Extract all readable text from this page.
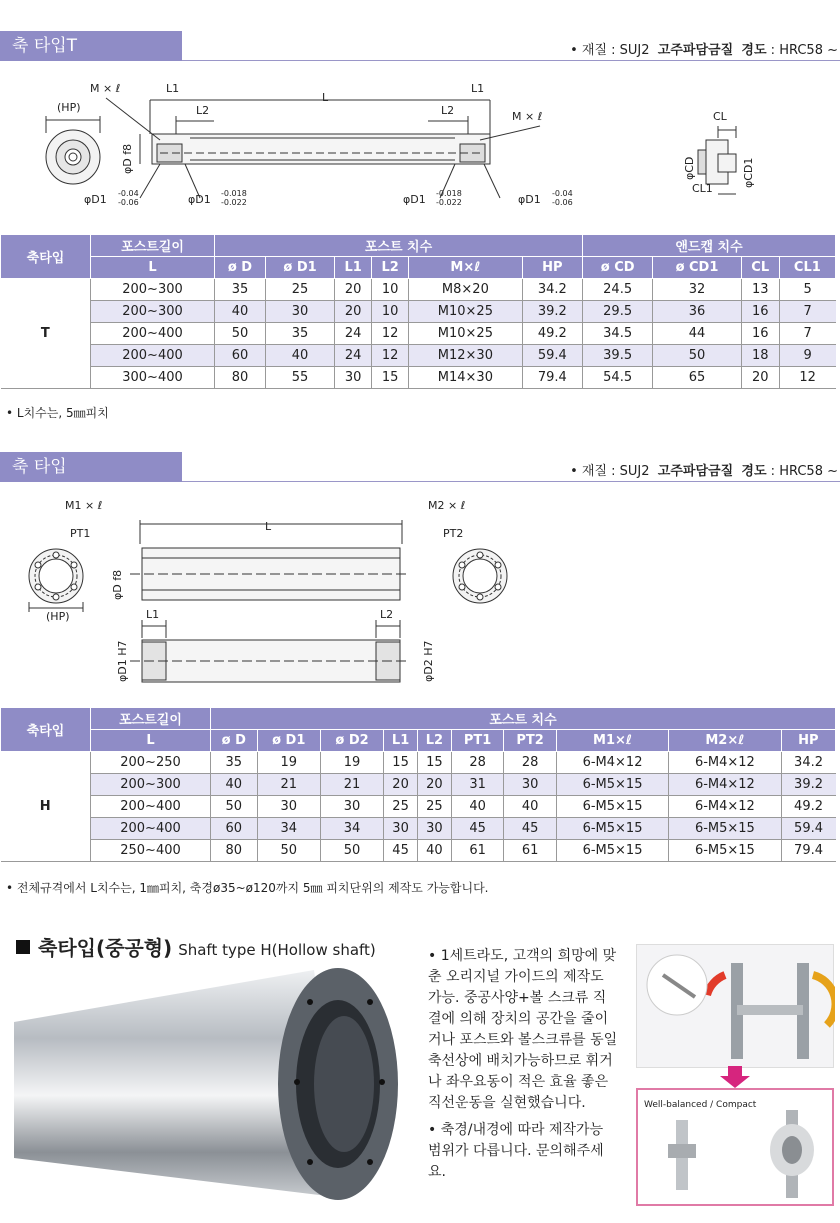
축 타입T	• 재질 : SUJ2 고주파담금질 경도 : HRC58 ~
(HP)
M × ℓ	L1
L2
L
L1
L2	M × ℓ
φD f8
φD1 -0.04
-0.06	φD1 -0.018
-0.022	φD1 -0.018
-0.022	φD1 -0.04
-0.06
CL
CL1
φCD	φCD1
축타입	포스트길이	포스트 치수						앤드캡 치수			
	L	ø D	ø D1	L1	L2	M×ℓ	HP	ø CD	ø CD1	CL	CL1
T	200~300	35	25	20	10	M8×20	34.2	24.5	32	13	5
	200~300	40	30	20	10	M10×25	39.2	29.5	36	16	7
	200~400	50	35	24	12	M10×25	49.2	34.5	44	16	7
	200~400	60	40	24	12	M12×30	59.4	39.5	50	18	9
	300~400	80	55	30	15	M14×30	79.4	54.5	65	20	12
• L치수는, 5㎜피치
축 타입	• 재질 : SUJ2 고주파담금질 경도 : HRC58 ~
M1 × ℓ
PT1
(HP)
L
M2 × ℓ
PT2
φD f8
L1	L2
φD1 H7	φD2 H7
축타입	포스트길이	포스트 치수									
	L	ø D	ø D1	ø D2	L1	L2	PT1	PT2	M1×ℓ	M2×ℓ	HP
H	200~250	35	19	19	15	15	28	28	6-M4×12	6-M4×12	34.2
	200~300	40	21	21	20	20	31	30	6-M5×15	6-M4×12	39.2
	200~400	50	30	30	25	25	40	40	6-M5×15	6-M4×12	49.2
	200~400	60	34	34	30	30	45	45	6-M5×15	6-M5×15	59.4
	250~400	80	50	50	45	40	61	61	6-M5×15	6-M5×15	79.4
• 전체규격에서 L치수는, 1㎜피치, 축경ø35~ø120까지 5㎜ 피치단위의 제작도 가능합니다.
축타입(중공형) Shaft type H(Hollow shaft)	• 1세트라도, 고객의 희망에 맞춘 오리지널 가이드의 제작도 가능. 중공사양+볼 스크류 직결에 의해 장치의 공간을 줄이거나 포스트와 볼스크류를 동일 축선상에 배치가능하므로 휘거나 좌우요동이 적은 효율 좋은 직선운동을 실현했습니다.

• 축경/내경에 따라 제작가능 범위가 다릅니다. 문의해주세요.

Well-balanced / Compact
